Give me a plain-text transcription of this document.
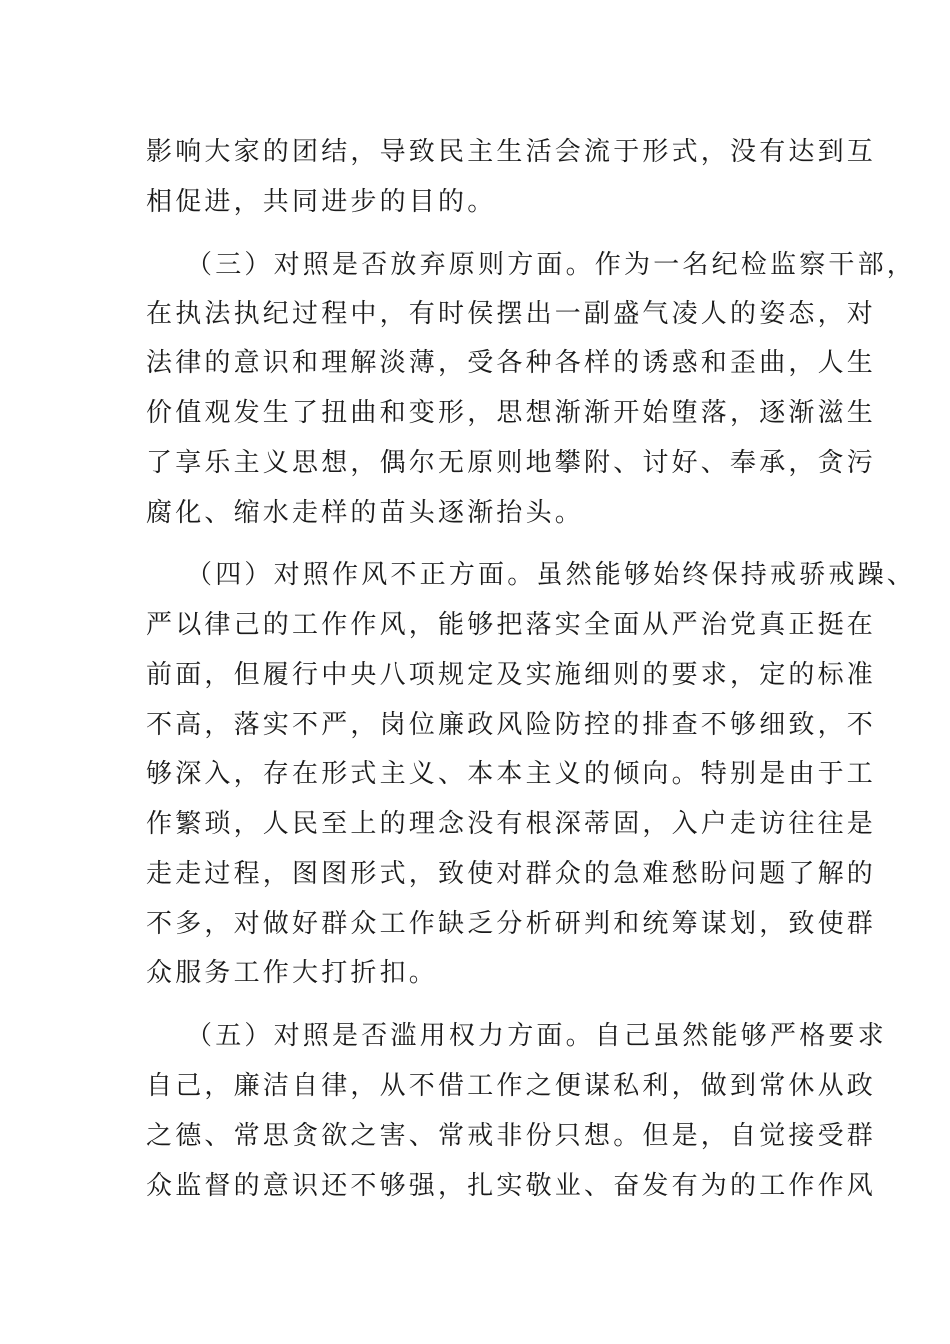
影响大家的团结，导致民主生活会流于形式，没有达到互
相促进，共同进步的目的。
（三）对照是否放弃原则方面。作为一名纪检监察干部，
在执法执纪过程中，有时侯摆出一副盛气凌人的姿态，对
法律的意识和理解淡薄，受各种各样的诱惑和歪曲，人生
价值观发生了扭曲和变形，思想渐渐开始堕落，逐渐滋生
了享乐主义思想，偶尔无原则地攀附、讨好、奉承，贪污
腐化、缩水走样的苗头逐渐抬头。
（四）对照作风不正方面。虽然能够始终保持戒骄戒躁、
严以律己的工作作风，能够把落实全面从严治党真正挺在
前面，但履行中央八项规定及实施细则的要求，定的标准
不高，落实不严，岗位廉政风险防控的排查不够细致，不
够深入，存在形式主义、本本主义的倾向。特别是由于工
作繁琐，人民至上的理念没有根深蒂固，入户走访往往是
走走过程，图图形式，致使对群众的急难愁盼问题了解的
不多，对做好群众工作缺乏分析研判和统筹谋划，致使群
众服务工作大打折扣。
（五）对照是否滥用权力方面。自己虽然能够严格要求
自己，廉洁自律，从不借工作之便谋私利，做到常休从政
之德、常思贪欲之害、常戒非份只想。但是，自觉接受群
众监督的意识还不够强，扎实敬业、奋发有为的工作作风
